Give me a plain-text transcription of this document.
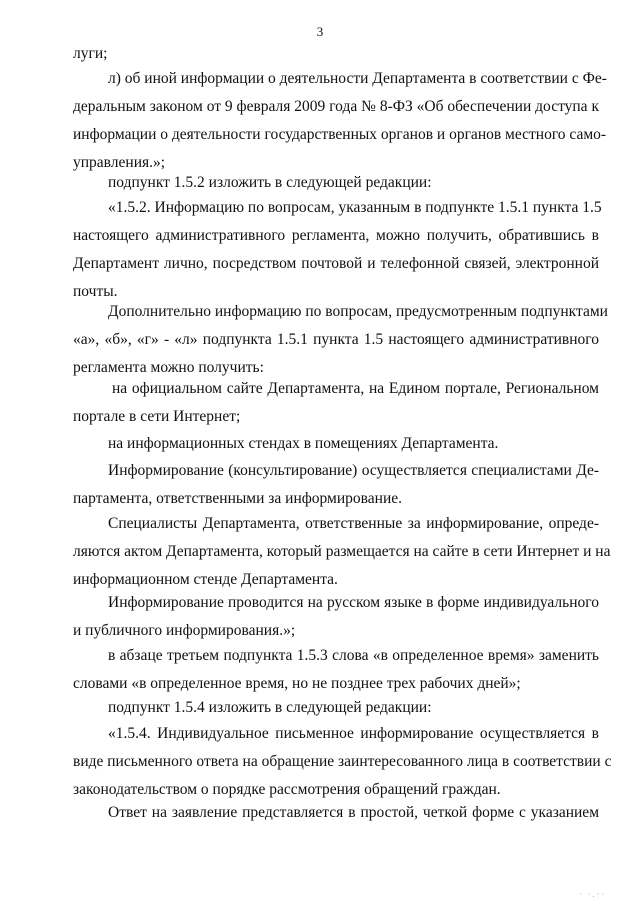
3
луги;
л) об иной информации о деятельности Департамента в соответствии с Фе-
деральным законом от 9 февраля 2009 года № 8-ФЗ «Об обеспечении доступа к
информации о деятельности государственных органов и органов местного само-
управления.»;
подпункт 1.5.2 изложить в следующей редакции:
«1.5.2. Информацию по вопросам, указанным в подпункте 1.5.1 пункта 1.5
настоящего административного регламента, можно получить, обратившись в
Департамент лично, посредством почтовой и телефонной связей, электронной
почты.
Дополнительно информацию по вопросам, предусмотренным подпунктами
«а», «б», «г» - «л» подпункта 1.5.1 пункта 1.5 настоящего административного
регламента можно получить:
на официальном сайте Департамента, на Едином портале, Региональном
портале в сети Интернет;
на информационных стендах в помещениях Департамента.
Информирование (консультирование) осуществляется специалистами Де-
партамента, ответственными за информирование.
Специалисты Департамента, ответственные за информирование, опреде-
ляются актом Департамента, который размещается на сайте в сети Интернет и на
информационном стенде Департамента.
Информирование проводится на русском языке в форме индивидуального
и публичного информирования.»;
в абзаце третьем подпункта 1.5.3 слова «в определенное время» заменить
словами «в определенное время, но не позднее трех рабочих дней»;
подпункт 1.5.4 изложить в следующей редакции:
«1.5.4. Индивидуальное письменное информирование осуществляется в
виде письменного ответа на обращение заинтересованного лица в соответствии с
законодательством о порядке рассмотрения обращений граждан.
Ответ на заявление представляется в простой, четкой форме с указанием
· ·.··
